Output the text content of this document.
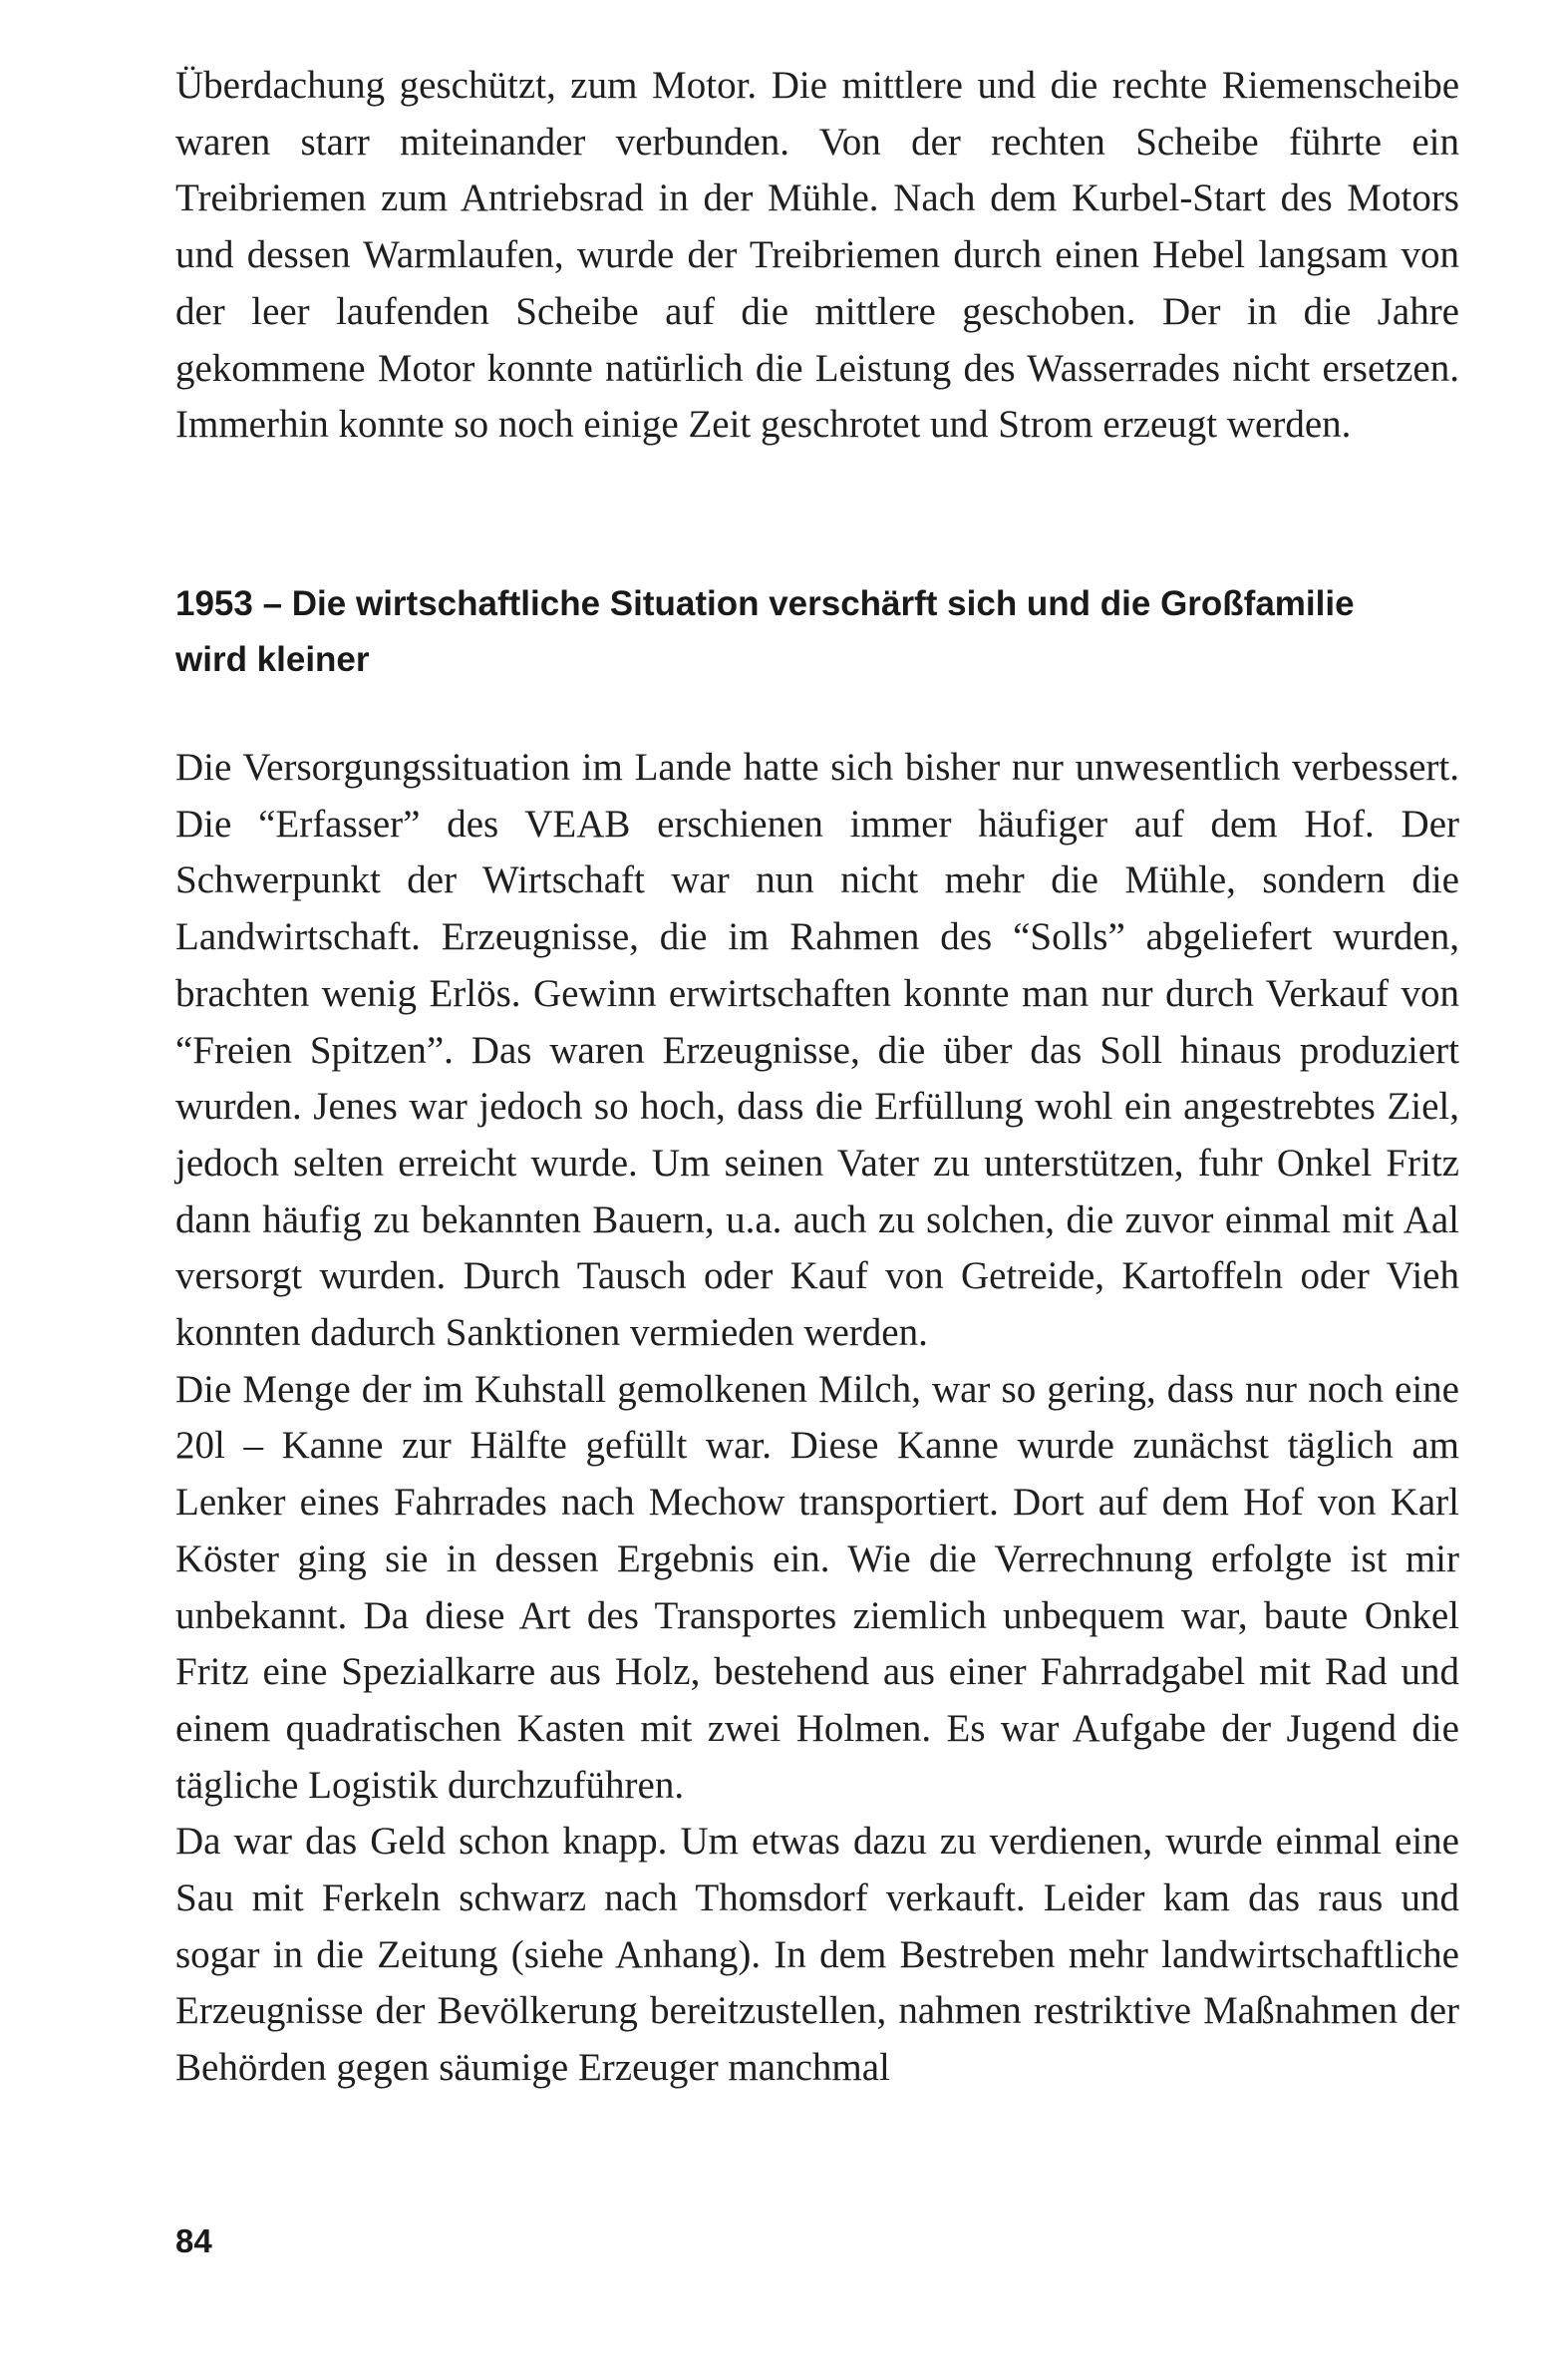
Überdachung geschützt, zum Motor. Die mittlere und die rechte Riemenscheibe waren starr miteinander verbunden. Von der rechten Scheibe führte ein Treibriemen zum Antriebsrad in der Mühle. Nach dem Kurbel-Start des Motors und dessen Warmlaufen, wurde der Treibriemen durch einen Hebel langsam von der leer laufenden Scheibe auf die mittlere geschoben. Der in die Jahre gekommene Motor konnte natürlich die Leistung des Wasserrades nicht ersetzen. Immerhin konnte so noch einige Zeit geschrotet und Strom erzeugt werden.

1953 – Die wirtschaftliche Situation verschärft sich und die Großfamilie wird kleiner

Die Versorgungssituation im Lande hatte sich bisher nur unwesentlich verbessert. Die “Erfasser” des VEAB erschienen immer häufiger auf dem Hof. Der Schwerpunkt der Wirtschaft war nun nicht mehr die Mühle, sondern die Landwirtschaft. Erzeugnisse, die im Rahmen des “Solls” abgeliefert wurden, brachten wenig Erlös. Gewinn erwirtschaften konnte man nur durch Verkauf von “Freien Spitzen”. Das waren Erzeugnisse, die über das Soll hinaus produziert wurden. Jenes war jedoch so hoch, dass die Erfüllung wohl ein angestrebtes Ziel, jedoch selten erreicht wurde. Um seinen Vater zu unterstützen, fuhr Onkel Fritz dann häufig zu bekannten Bauern, u.a. auch zu solchen, die zuvor einmal mit Aal versorgt wurden. Durch Tausch oder Kauf von Getreide, Kartoffeln oder Vieh konnten dadurch Sanktionen vermieden werden.

Die Menge der im Kuhstall gemolkenen Milch, war so gering, dass nur noch eine 20l – Kanne zur Hälfte gefüllt war. Diese Kanne wurde zunächst täglich am Lenker eines Fahrrades nach Mechow transportiert. Dort auf dem Hof von Karl Köster ging sie in dessen Ergebnis ein. Wie die Verrechnung erfolgte ist mir unbekannt. Da diese Art des Transportes ziemlich unbequem war, baute Onkel Fritz eine Spezialkarre aus Holz, bestehend aus einer Fahrradgabel mit Rad und einem quadratischen Kasten mit zwei Holmen. Es war Aufgabe der Jugend die tägliche Logistik durchzuführen.

Da war das Geld schon knapp. Um etwas dazu zu verdienen, wurde einmal eine Sau mit Ferkeln schwarz nach Thomsdorf verkauft. Leider kam das raus und sogar in die Zeitung (siehe Anhang). In dem Bestreben mehr landwirtschaftliche Erzeugnisse der Bevölkerung bereitzustellen, nahmen restriktive Maßnahmen der Behörden gegen säumige Erzeuger manchmal

84
